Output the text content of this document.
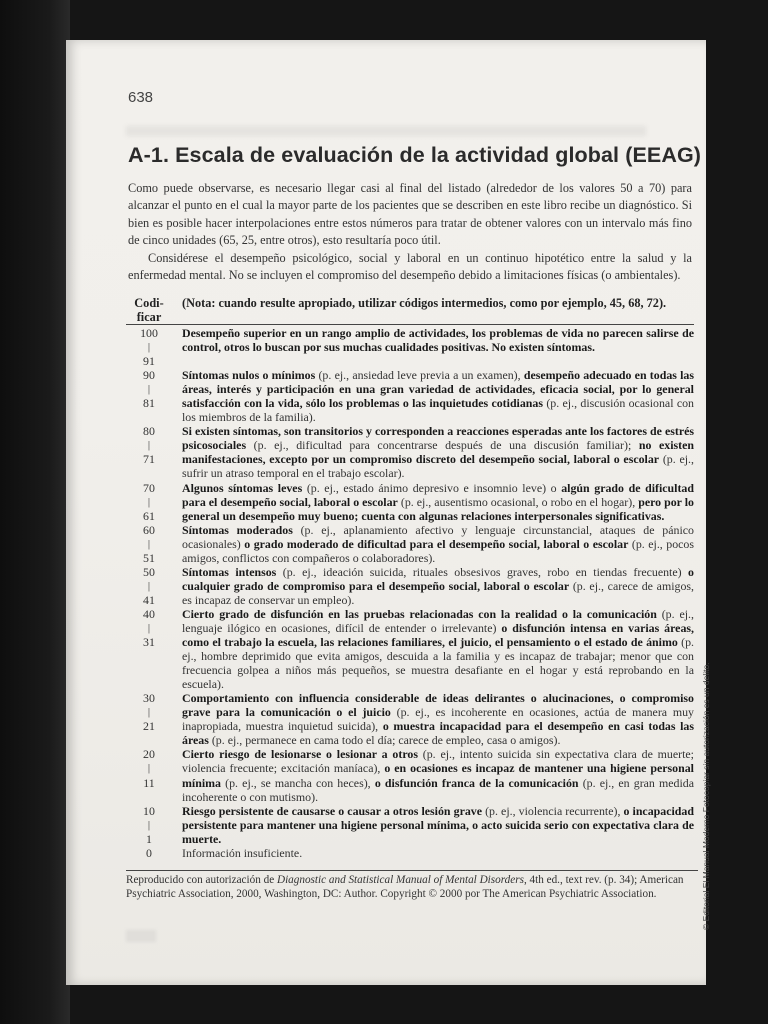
638
A-1. Escala de evaluación de la actividad global (EEAG)

Como puede observarse, es necesario llegar casi al final del listado (alrededor de los valores 50 a 70) para alcanzar el punto en el cual la mayor parte de los pacientes que se describen en este libro recibe un diagnóstico. Si bien es posible hacer interpolaciones entre estos números para tratar de obtener valores con un intervalo más fino de cinco unidades (65, 25, entre otros), esto resultaría poco útil.

Considérese el desempeño psicológico, social y laboral en un continuo hipotético entre la salud y la enfermedad mental. No se incluyen el compromiso del desempeño debido a limitaciones físicas (o ambientales).

Codi-
ficar
(Nota: cuando resulte apropiado, utilizar códigos intermedios, como por ejemplo, 45, 68, 72).
100
|
91
Desempeño superior en un rango amplio de actividades, los problemas de vida no parecen salirse de control, otros lo buscan por sus muchas cualidades positivas. No existen síntomas.
90
|
81
Síntomas nulos o mínimos (p. ej., ansiedad leve previa a un examen), desempeño adecuado en todas las áreas, interés y participación en una gran variedad de actividades, eficacia social, por lo general satisfacción con la vida, sólo los problemas o las inquietudes cotidianas (p. ej., discusión ocasional con los miembros de la familia).
80
|
71
Si existen síntomas, son transitorios y corresponden a reacciones esperadas ante los factores de estrés psicosociales (p. ej., dificultad para concentrarse después de una discusión familiar); no existen manifestaciones, excepto por un compromiso discreto del desempeño social, laboral o escolar (p. ej., sufrir un atraso temporal en el trabajo escolar).
70
|
61
Algunos síntomas leves (p. ej., estado ánimo depresivo e insomnio leve) o algún grado de dificultad para el desempeño social, laboral o escolar (p. ej., ausentismo ocasional, o robo en el hogar), pero por lo general un desempeño muy bueno; cuenta con algunas relaciones interpersonales significativas.
60
|
51
Síntomas moderados (p. ej., aplanamiento afectivo y lenguaje circunstancial, ataques de pánico ocasionales) o grado moderado de dificultad para el desempeño social, laboral o escolar (p. ej., pocos amigos, conflictos con compañeros o colaboradores).
50
|
41
Síntomas intensos (p. ej., ideación suicida, rituales obsesivos graves, robo en tiendas frecuente) o cualquier grado de compromiso para el desempeño social, laboral o escolar (p. ej., carece de amigos, es incapaz de conservar un empleo).
40
|
31
Cierto grado de disfunción en las pruebas relacionadas con la realidad o la comunicación (p. ej., lenguaje ilógico en ocasiones, difícil de entender o irrelevante) o disfunción intensa en varias áreas, como el trabajo la escuela, las relaciones familiares, el juicio, el pensamiento o el estado de ánimo (p. ej., hombre deprimido que evita amigos, descuida a la familia y es incapaz de trabajar; menor que con frecuencia golpea a niños más pequeños, se muestra desafiante en el hogar y está reprobando en la escuela).
30
|
21
Comportamiento con influencia considerable de ideas delirantes o alucinaciones, o compromiso grave para la comunicación o el juicio (p. ej., es incoherente en ocasiones, actúa de manera muy inapropiada, muestra inquietud suicida), o muestra incapacidad para el desempeño en casi todas las áreas (p. ej., permanece en cama todo el día; carece de empleo, casa o amigos).
20
|
11
Cierto riesgo de lesionarse o lesionar a otros (p. ej., intento suicida sin expectativa clara de muerte; violencia frecuente; excitación maníaca), o en ocasiones es incapaz de mantener una higiene personal mínima (p. ej., se mancha con heces), o disfunción franca de la comunicación (p. ej., en gran medida incoherente o con mutismo).
10
|
1
Riesgo persistente de causarse o causar a otros lesión grave (p. ej., violencia recurrente), o incapacidad persistente para mantener una higiene personal mínima, o acto suicida serio con expectativa clara de muerte.
0	Información insuficiente.
Reproducido con autorización de Diagnostic and Statistical Manual of Mental Disorders, 4th ed., text rev. (p. 34); American Psychiatric Association, 2000, Washington, DC: Author. Copyright © 2000 por The American Psychiatric Association.	© Editorial El Manual Moderno Fotocopiar sin autorización es un delito.
